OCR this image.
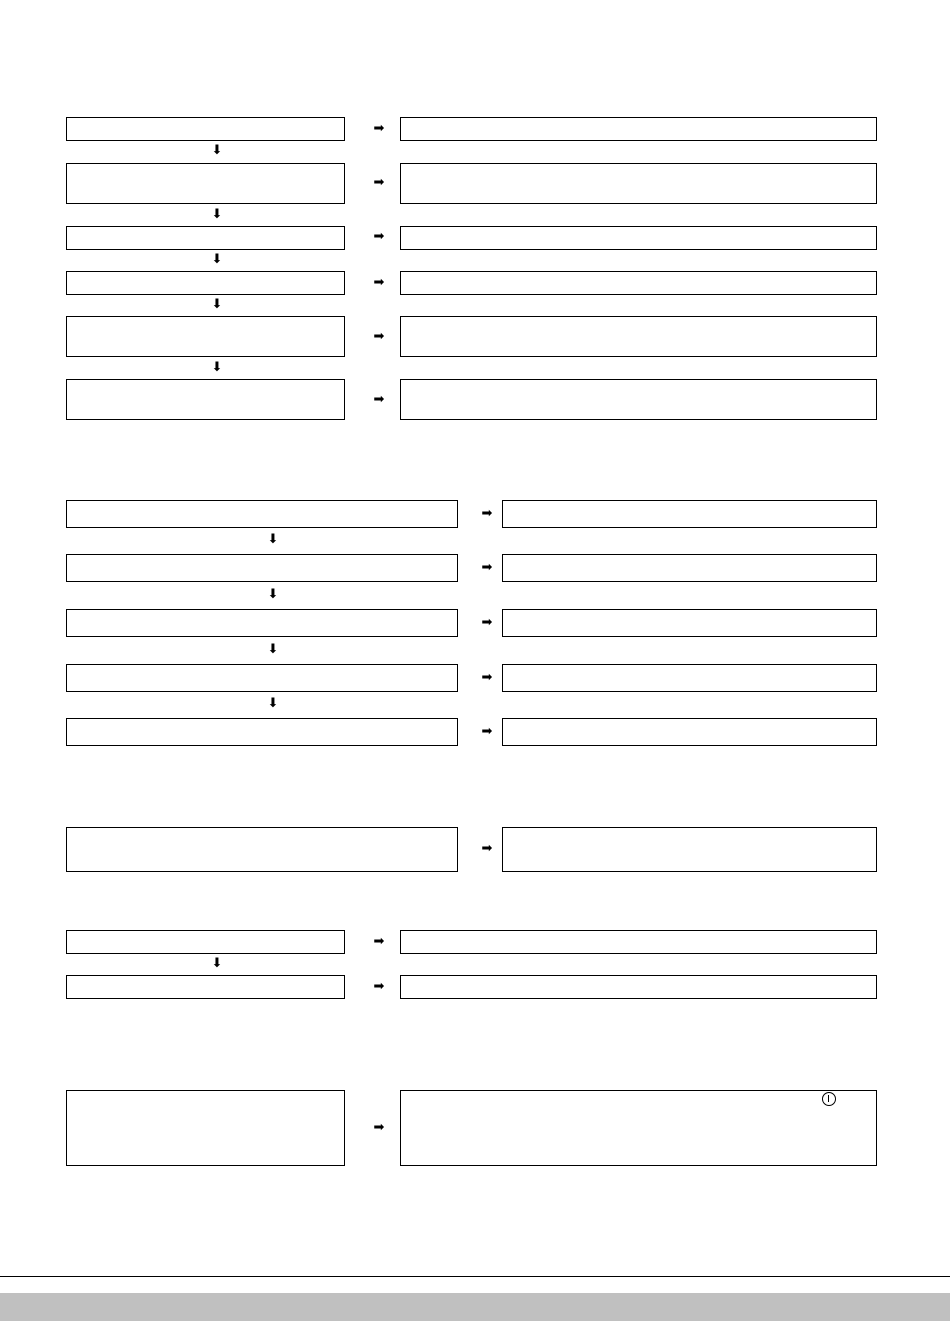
➡
⬇
➡
⬇
➡
⬇
➡
⬇
➡
⬇
➡
➡
⬇
➡
⬇
➡
⬇
➡
⬇
➡
➡
➡
⬇
➡
➡
